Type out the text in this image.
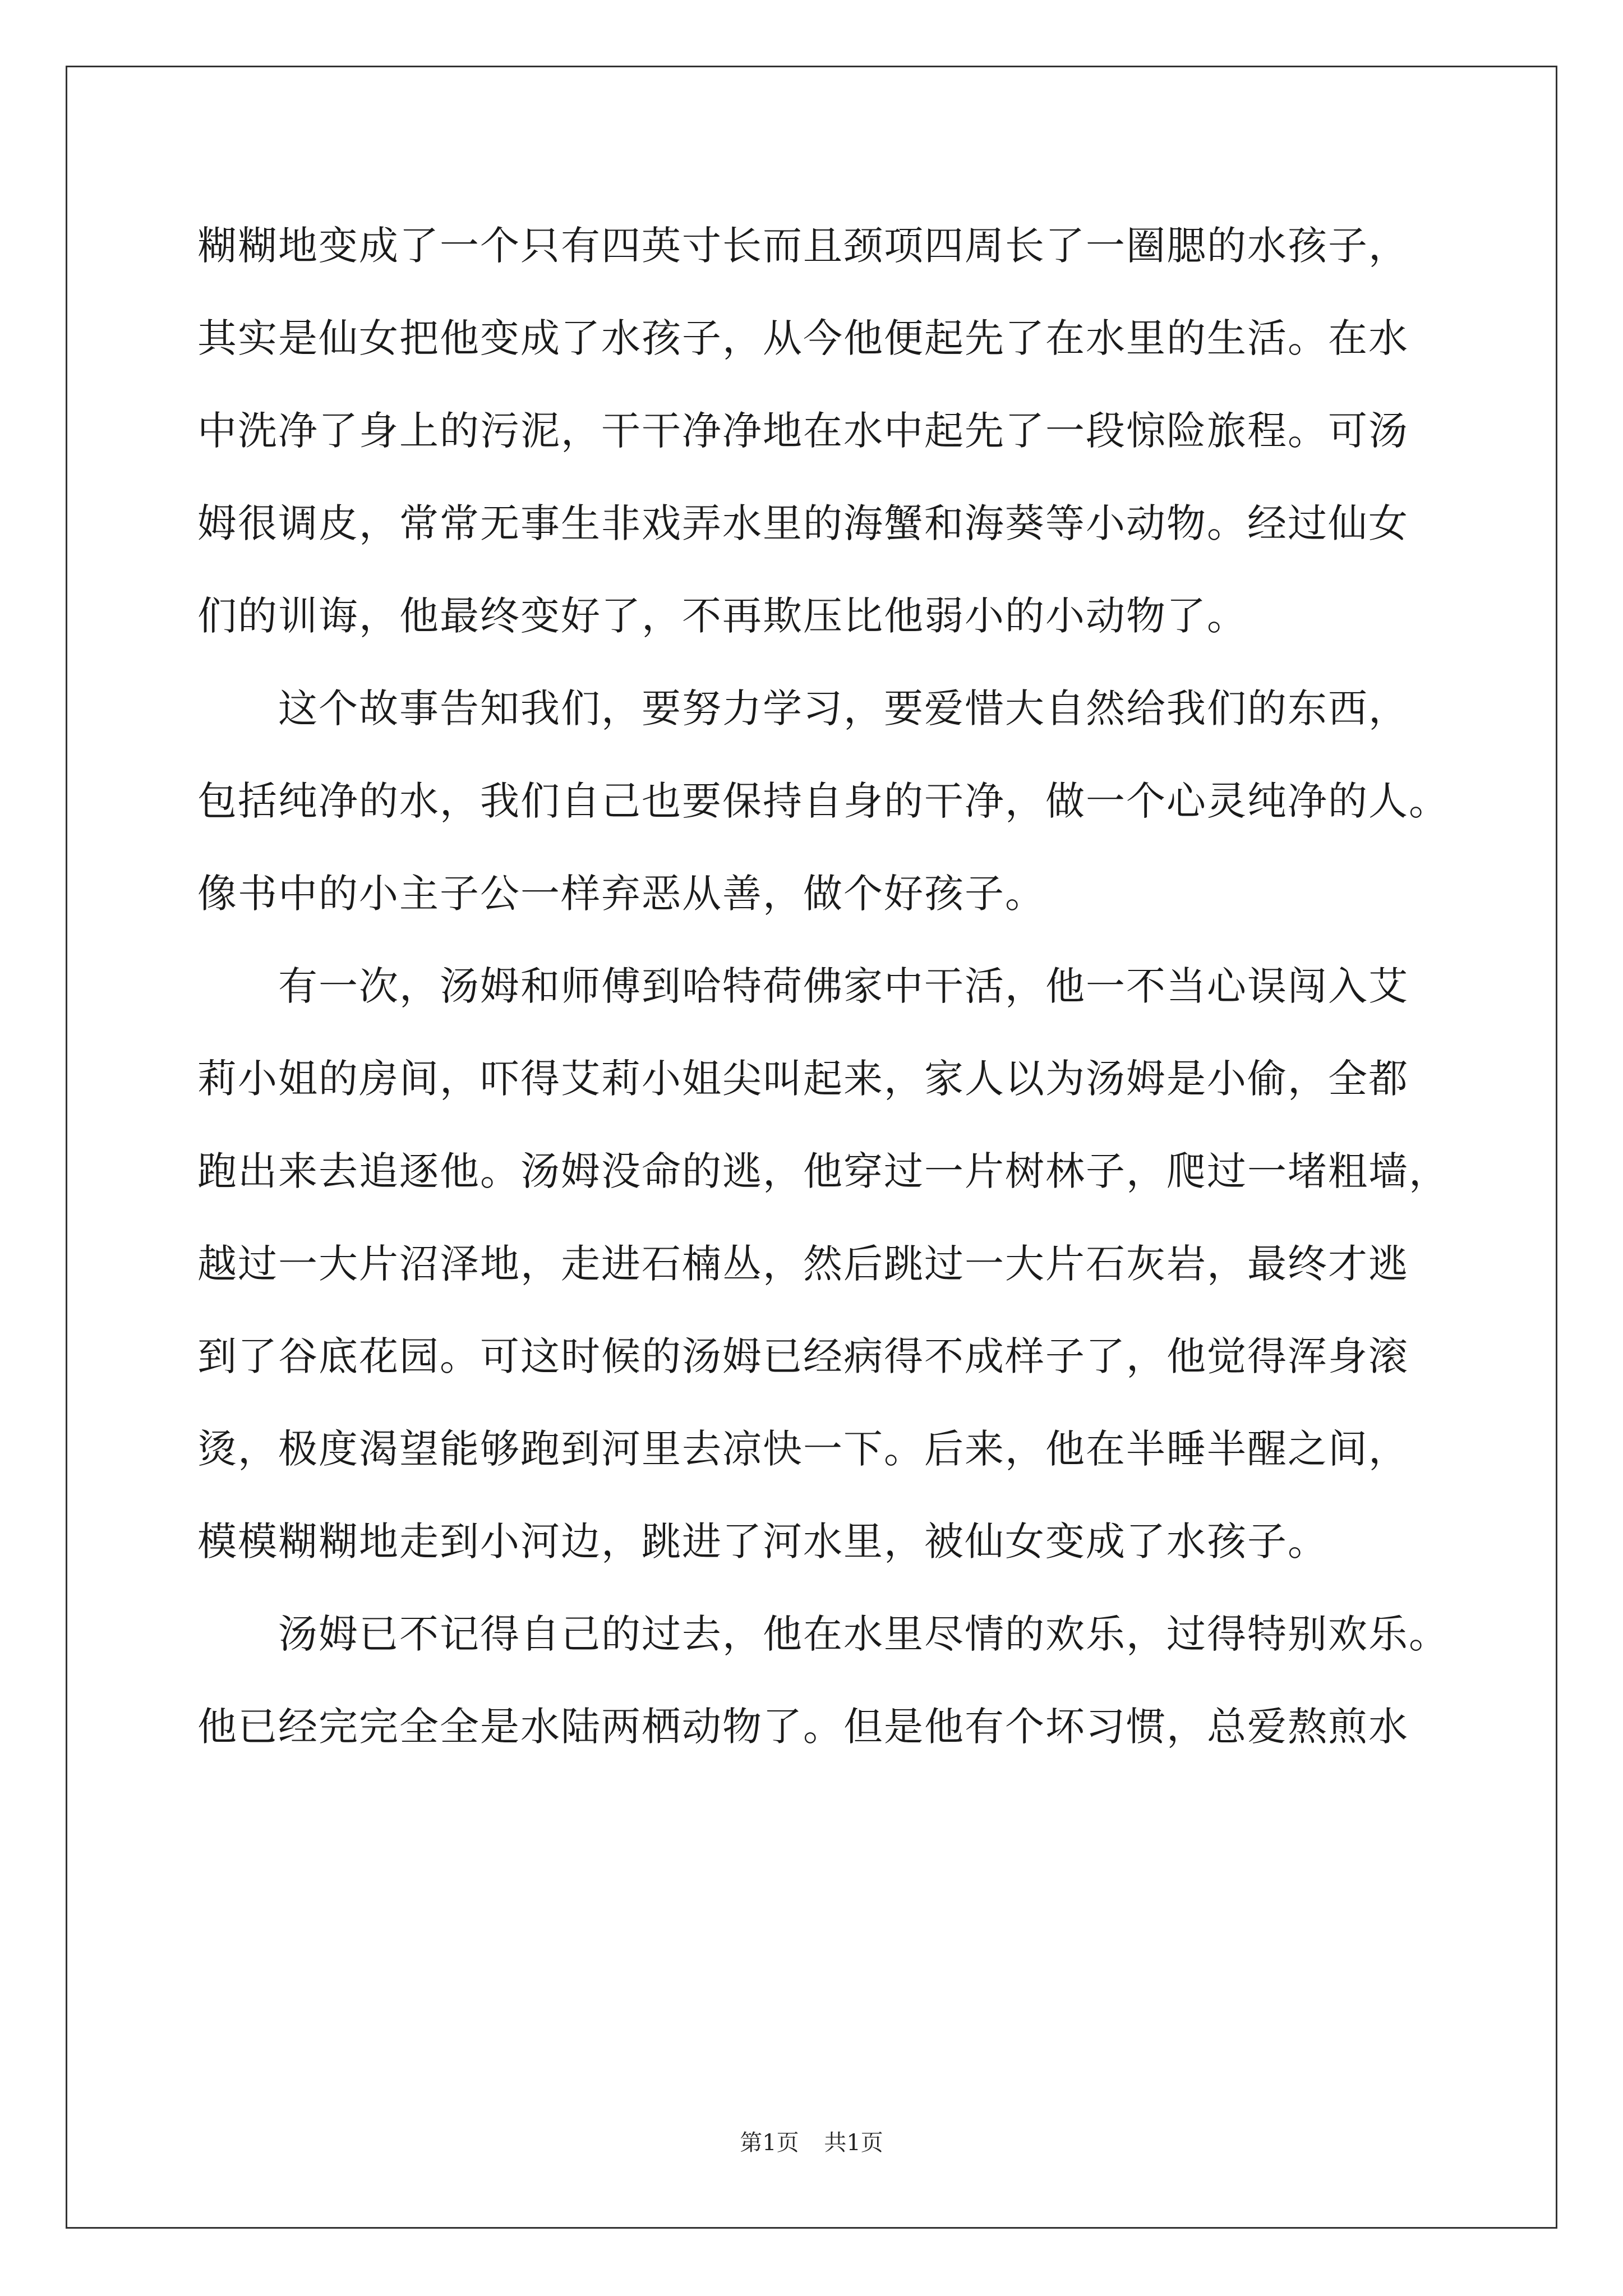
糊糊地变成了一个只有四英寸长而且颈项四周长了一圈腮的水孩子，
其实是仙女把他变成了水孩子，从今他便起先了在水里的生活。在水
中洗净了身上的污泥，干干净净地在水中起先了一段惊险旅程。可汤
姆很调皮，常常无事生非戏弄水里的海蟹和海葵等小动物。经过仙女
们的训诲，他最终变好了，不再欺压比他弱小的小动物了。
　　这个故事告知我们，要努力学习，要爱惜大自然给我们的东西，
包括纯净的水，我们自己也要保持自身的干净，做一个心灵纯净的人。
像书中的小主子公一样弃恶从善，做个好孩子。
　　有一次，汤姆和师傅到哈特荷佛家中干活，他一不当心误闯入艾
莉小姐的房间，吓得艾莉小姐尖叫起来，家人以为汤姆是小偷，全都
跑出来去追逐他。汤姆没命的逃，他穿过一片树林子，爬过一堵粗墙，
越过一大片沼泽地，走进石楠丛，然后跳过一大片石灰岩，最终才逃
到了谷底花园。可这时候的汤姆已经病得不成样子了，他觉得浑身滚
烫，极度渴望能够跑到河里去凉快一下。后来，他在半睡半醒之间，
模模糊糊地走到小河边，跳进了河水里，被仙女变成了水孩子。
　　汤姆已不记得自己的过去，他在水里尽情的欢乐，过得特别欢乐。
他已经完完全全是水陆两栖动物了。但是他有个坏习惯，总爱熬煎水
第1页 共1页
